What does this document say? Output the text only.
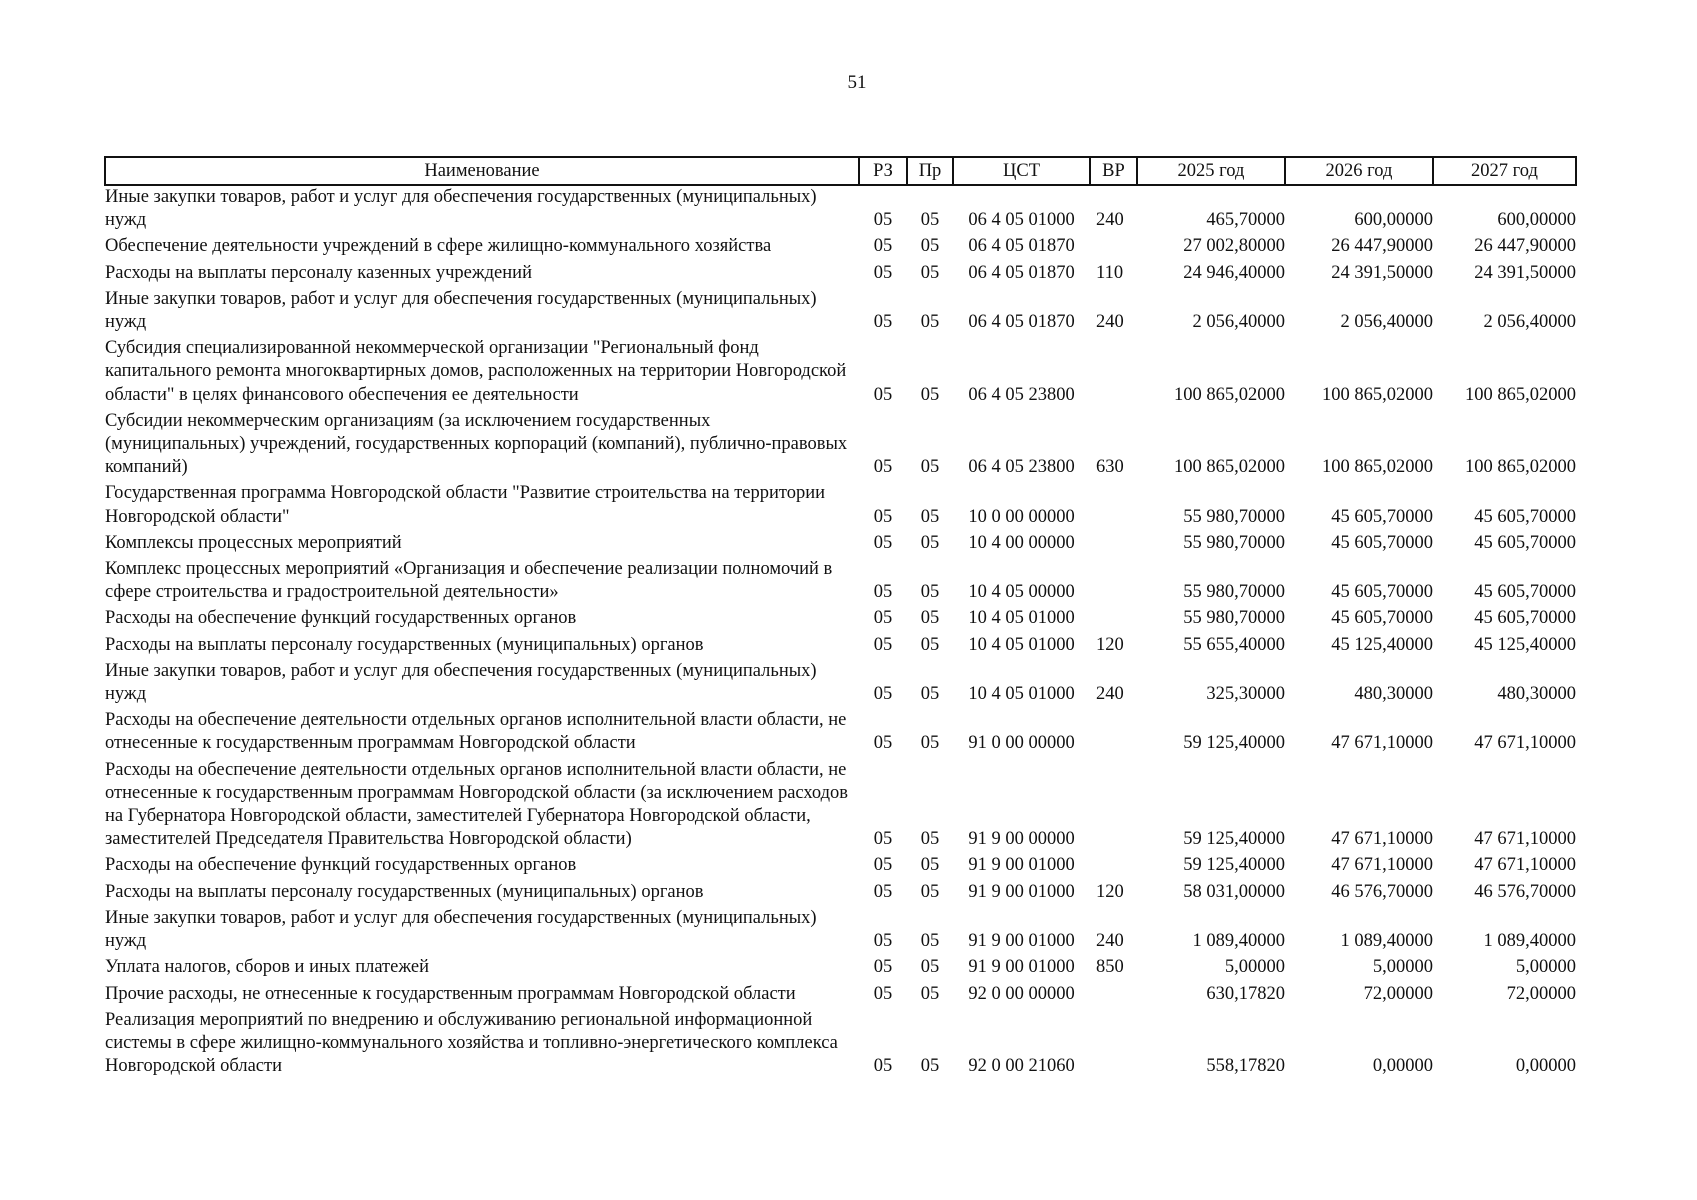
51
Наименование	РЗ	Пр	ЦСТ	ВР	2025 год	2026 год	2027 год
Иные закупки товаров, работ и услуг для обеспечения государственных (муниципальных) нужд	05	05	06 4 05 01000	240	465,70000	600,00000	600,00000
Обеспечение деятельности учреждений в сфере жилищно-коммунального хозяйства	05	05	06 4 05 01870		27 002,80000	26 447,90000	26 447,90000
Расходы на выплаты персоналу казенных учреждений	05	05	06 4 05 01870	110	24 946,40000	24 391,50000	24 391,50000
Иные закупки товаров, работ и услуг для обеспечения государственных (муниципальных) нужд	05	05	06 4 05 01870	240	2 056,40000	2 056,40000	2 056,40000
Субсидия специализированной некоммерческой организации "Региональный фонд капитального ремонта многоквартирных домов, расположенных на территории Новгородской области" в целях финансового обеспечения ее деятельности	05	05	06 4 05 23800		100 865,02000	100 865,02000	100 865,02000
Субсидии некоммерческим организациям (за исключением государственных (муниципальных) учреждений, государственных корпораций (компаний), публично-правовых компаний)	05	05	06 4 05 23800	630	100 865,02000	100 865,02000	100 865,02000
Государственная программа Новгородской области "Развитие строительства на территории Новгородской области"	05	05	10 0 00 00000		55 980,70000	45 605,70000	45 605,70000
Комплексы процессных мероприятий	05	05	10 4 00 00000		55 980,70000	45 605,70000	45 605,70000
Комплекс процессных мероприятий «Организация и обеспечение реализации полномочий в сфере строительства и градостроительной деятельности»	05	05	10 4 05 00000		55 980,70000	45 605,70000	45 605,70000
Расходы на обеспечение функций государственных органов	05	05	10 4 05 01000		55 980,70000	45 605,70000	45 605,70000
Расходы на выплаты персоналу государственных (муниципальных) органов	05	05	10 4 05 01000	120	55 655,40000	45 125,40000	45 125,40000
Иные закупки товаров, работ и услуг для обеспечения государственных (муниципальных) нужд	05	05	10 4 05 01000	240	325,30000	480,30000	480,30000
Расходы на обеспечение деятельности отдельных органов исполнительной власти области, не отнесенные к государственным программам Новгородской области	05	05	91 0 00 00000		59 125,40000	47 671,10000	47 671,10000
Расходы на обеспечение деятельности отдельных органов исполнительной власти области, не отнесенные к государственным программам Новгородской области (за исключением расходов на Губернатора Новгородской области, заместителей Губернатора Новгородской области, заместителей Председателя Правительства Новгородской области)	05	05	91 9 00 00000		59 125,40000	47 671,10000	47 671,10000
Расходы на обеспечение функций государственных органов	05	05	91 9 00 01000		59 125,40000	47 671,10000	47 671,10000
Расходы на выплаты персоналу государственных (муниципальных) органов	05	05	91 9 00 01000	120	58 031,00000	46 576,70000	46 576,70000
Иные закупки товаров, работ и услуг для обеспечения государственных (муниципальных) нужд	05	05	91 9 00 01000	240	1 089,40000	1 089,40000	1 089,40000
Уплата налогов, сборов и иных платежей	05	05	91 9 00 01000	850	5,00000	5,00000	5,00000
Прочие расходы, не отнесенные к государственным программам Новгородской области	05	05	92 0 00 00000		630,17820	72,00000	72,00000
Реализация мероприятий по внедрению и обслуживанию региональной информационной системы в сфере жилищно-коммунального хозяйства и топливно-энергетического комплекса Новгородской области	05	05	92 0 00 21060		558,17820	0,00000	0,00000
